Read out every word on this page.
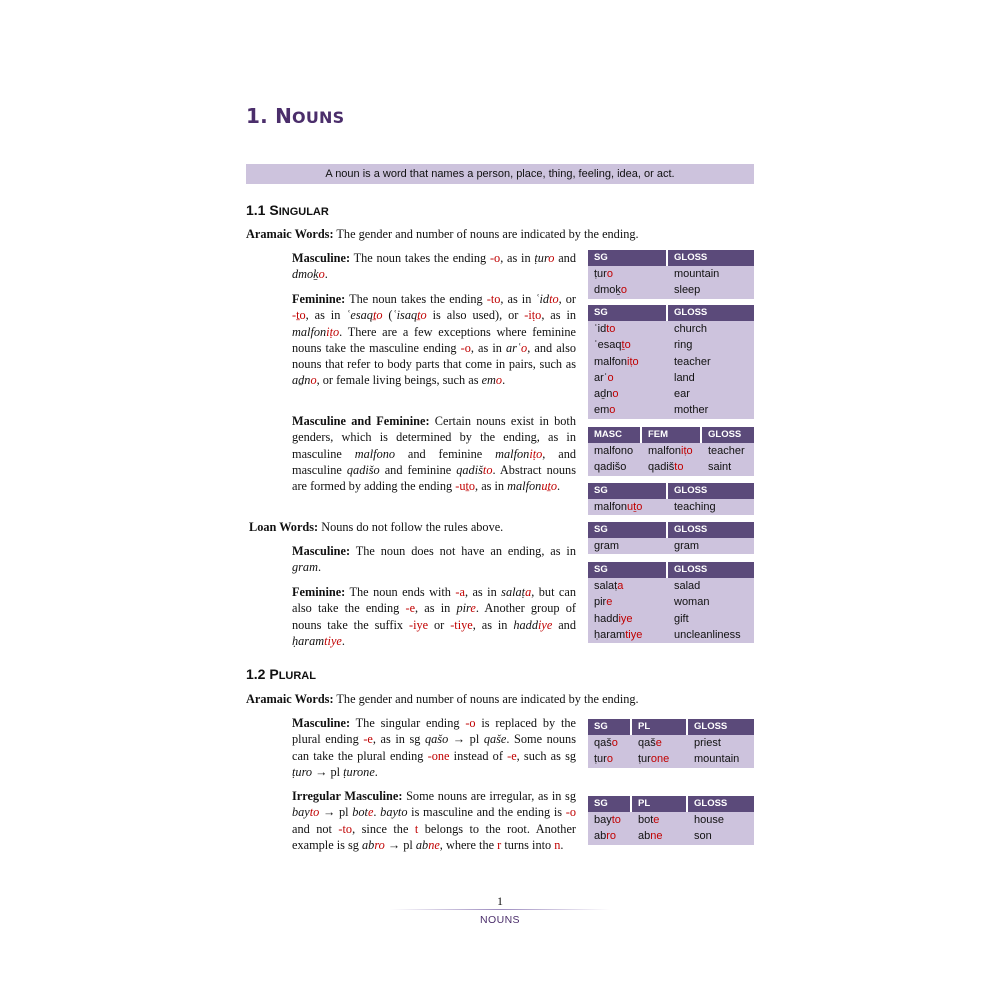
1. NOUNS
A noun is a word that names a person, place, thing, feeling, idea, or act.
1.1 SINGULAR

Aramaic Words: The gender and number of nouns are indicated by the ending.

Masculine: The noun takes the ending -o, as in ṭuro and dmoḵo.

Feminine: The noun takes the ending -to, as in ʿidto, or -ṯo, as in ʿesaqṯo (ʿisaqṯo is also used), or -iṭo, as in malfoniṭo. There are a few exceptions where feminine nouns take the masculine ending -o, as in arʿo, and also nouns that refer to body parts that come in pairs, such as aḏno, or female living beings, such as emo.

Masculine and Feminine: Certain nouns exist in both genders, which is determined by the ending, as in masculine malfono and feminine malfoniṭo, and masculine qadišo and feminine qadišto. Abstract nouns are formed by adding the ending -uṯo, as in malfonuṯo.

Loan Words: Nouns do not follow the rules above.

Masculine: The noun does not have an ending, as in gram.

Feminine: The noun ends with -a, as in salaṭa, but can also take the ending -e, as in pire. Another group of nouns take the suffix -iye or -tiye, as in haddiye and ḥaramtiye.

SG	GLOSS
ṭuro	mountain
dmoḵo	sleep
SG	GLOSS
ʿidto	church
ʿesaqṯo	ring
malfoniṭo	teacher
arʿo	land
aḏno	ear
emo	mother
MASC	FEM	GLOSS
malfono	malfoniṭo	teacher
qadišo	qadišto	saint
SG	GLOSS
malfonuṯo	teaching
SG	GLOSS
gram	gram
SG	GLOSS
salaṭa	salad
pire	woman
haddiye	gift
ḥaramtiye	uncleanliness
1.2 PLURAL

Aramaic Words: The gender and number of nouns are indicated by the ending.

Masculine: The singular ending -o is replaced by the plural ending -e, as in sg qašo → pl qaše. Some nouns can take the plural ending -one instead of -e, such as sg ṭuro → pl ṭurone.

Irregular Masculine: Some nouns are irregular, as in sg bayto → pl bote. bayto is masculine and the ending is -o and not -to, since the t belongs to the root. Another example is sg abro → pl abne, where the r turns into n.

SG	PL	GLOSS
qašo	qaše	priest
ṭuro	ṭurone	mountain
SG	PL	GLOSS
bayto	bote	house
abro	abne	son
1
NOUNS
